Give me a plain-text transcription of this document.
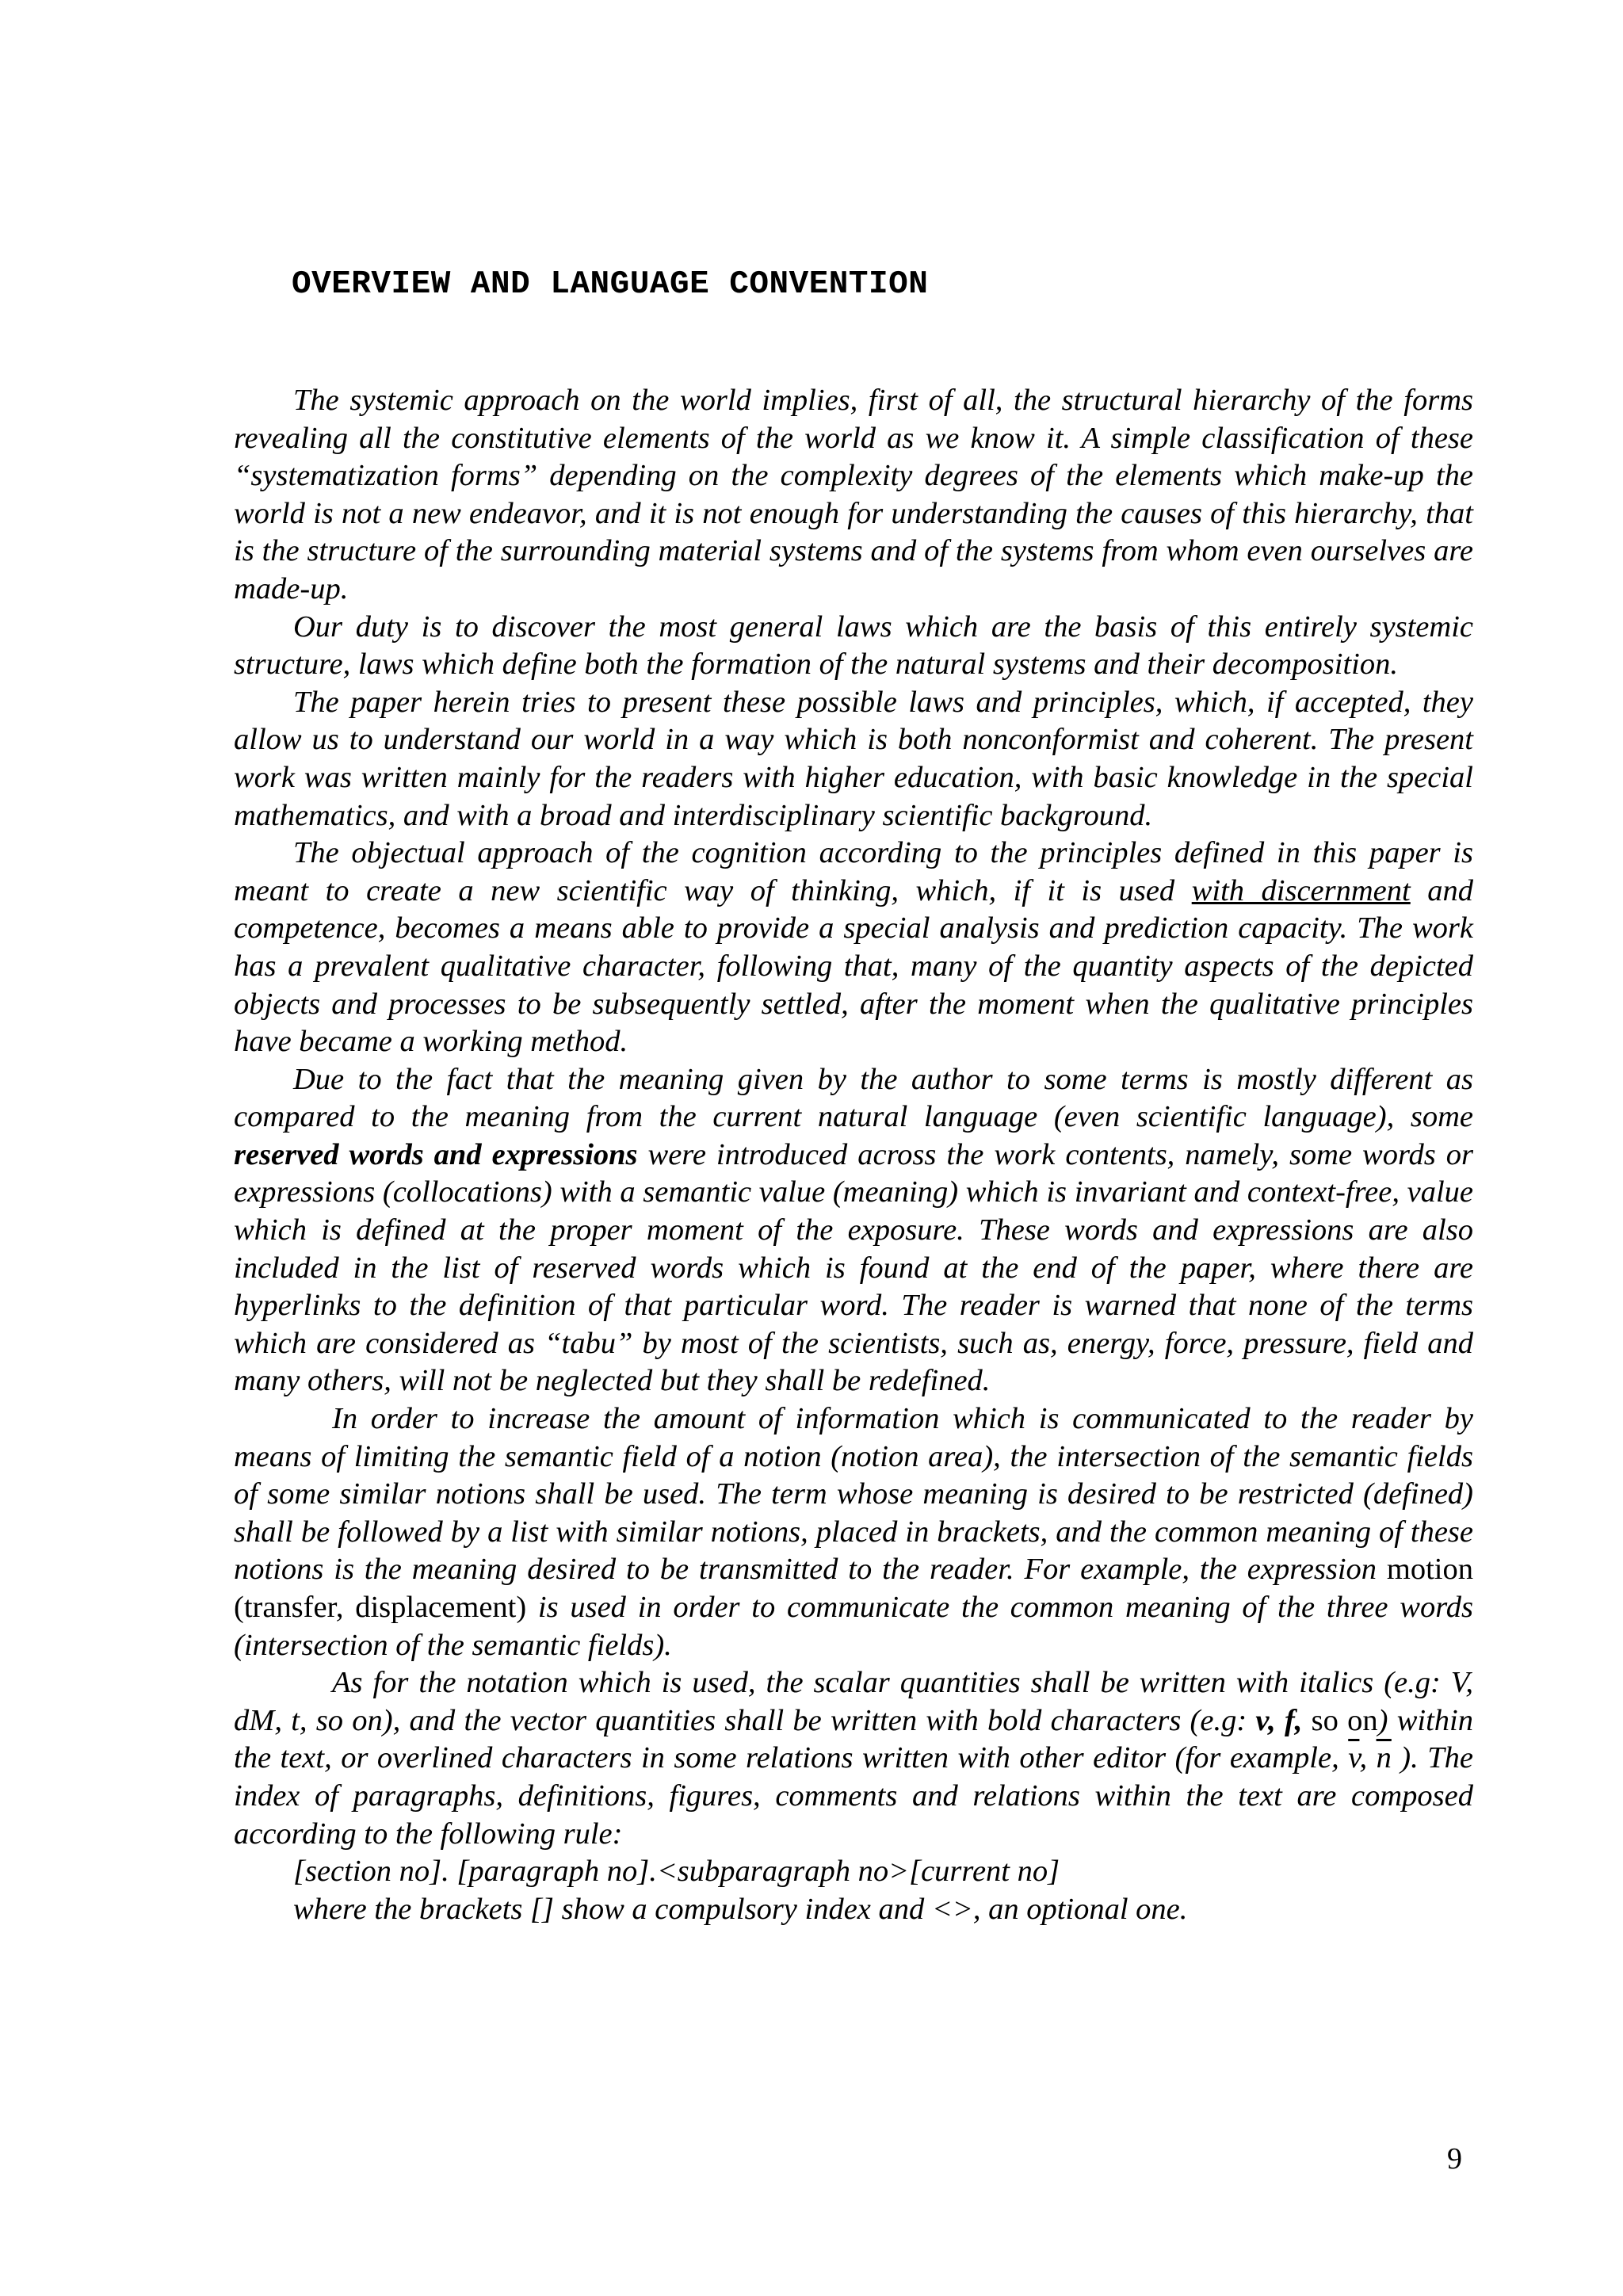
OVERVIEW AND LANGUAGE CONVENTION

The systemic approach on the world implies, first of all, the structural hierarchy of the forms revealing all the constitutive elements of the world as we know it. A simple classification of these “systematization forms” depending on the complexity degrees of the elements which make-up the world is not a new endeavor, and it is not enough for understanding the causes of this hierarchy, that is the structure of the surrounding material systems and of the systems from whom even ourselves are made-up.

Our duty is to discover the most general laws which are the basis of this entirely systemic structure, laws which define both the formation of the natural systems and their decomposition.

The paper herein tries to present these possible laws and principles, which, if accepted, they allow us to understand our world in a way which is both nonconformist and coherent. The present work was written mainly for the readers with higher education, with basic knowledge in the special mathematics, and with a broad and interdisciplinary scientific background.

The objectual approach of the cognition according to the principles defined in this paper is meant to create a new scientific way of thinking, which, if it is used with discernment and competence, becomes a means able to provide a special analysis and prediction capacity. The work has a prevalent qualitative character, following that, many of the quantity aspects of the depicted objects and processes to be subsequently settled, after the moment when the qualitative principles have became a working method.

Due to the fact that the meaning given by the author to some terms is mostly different as compared to the meaning from the current natural language (even scientific language), some reserved words and expressions were introduced across the work contents, namely, some words or expressions (collocations) with a semantic value (meaning) which is invariant and context-free, value which is defined at the proper moment of the exposure. These words and expressions are also included in the list of reserved words which is found at the end of the paper, where there are hyperlinks to the definition of that particular word. The reader is warned that none of the terms which are considered as “tabu” by most of the scientists, such as, energy, force, pressure, field and many others, will not be neglected but they shall be redefined.

In order to increase the amount of information which is communicated to the reader by means of limiting the semantic field of a notion (notion area), the intersection of the semantic fields of some similar notions shall be used. The term whose meaning is desired to be restricted (defined) shall be followed by a list with similar notions, placed in brackets, and the common meaning of these notions is the meaning desired to be transmitted to the reader. For example, the expression motion (transfer, displacement) is used in order to communicate the common meaning of the three words (intersection of the semantic fields).

As for the notation which is used, the scalar quantities shall be written with italics (e.g: V, dM, t, so on), and the vector quantities shall be written with bold characters (e.g: v, f, so on) within the text, or overlined characters in some relations written with other editor (for example, $\overline{v}$, $\overline{n}$ ). The index of paragraphs, definitions, figures, comments and relations within the text are composed according to the following rule:

[section no]. [paragraph no].<subparagraph no>[current no]

where the brackets [] show a compulsory index and <>, an optional one.

9
